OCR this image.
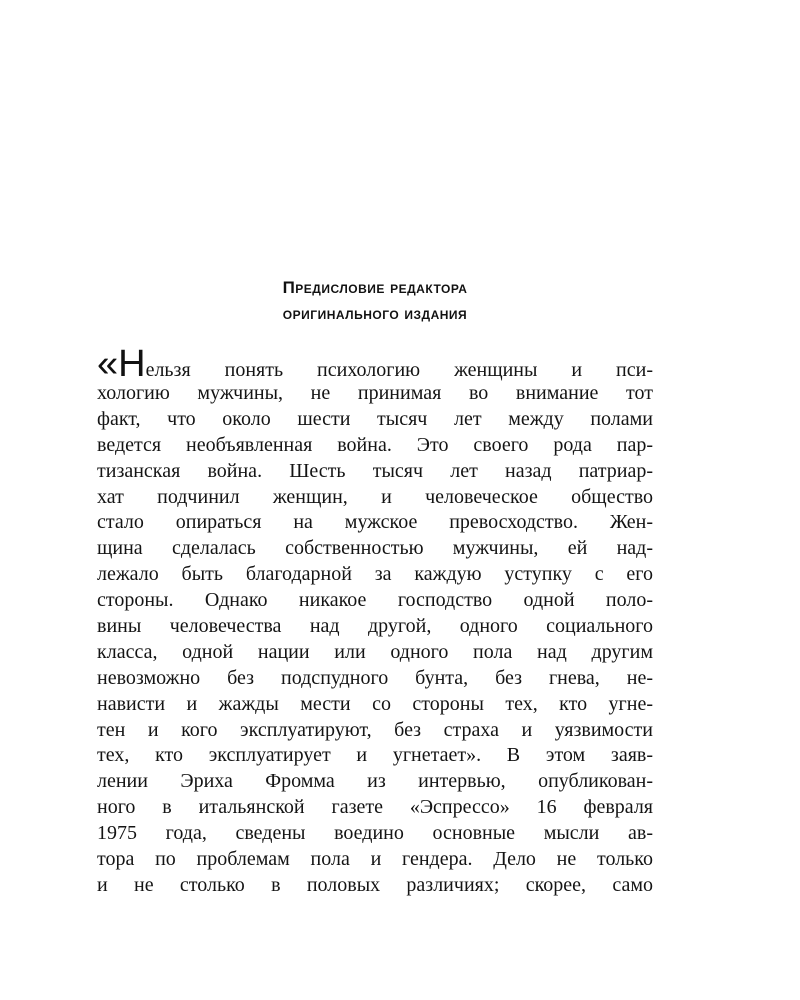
Предисловие редактора
оригинального издания
«Нельзя понять психологию женщины и пси-
хологию мужчины, не принимая во внимание тот
факт, что около шести тысяч лет между полами
ведется необъявленная война. Это своего рода пар-
тизанская война. Шесть тысяч лет назад патриар-
хат подчинил женщин, и человеческое общество
стало опираться на мужское превосходство. Жен-
щина сделалась собственностью мужчины, ей над-
лежало быть благодарной за каждую уступку с его
стороны. Однако никакое господство одной поло-
вины человечества над другой, одного социального
класса, одной нации или одного пола над другим
невозможно без подспудного бунта, без гнева, не-
нависти и жажды мести со стороны тех, кто угне-
тен и кого эксплуатируют, без страха и уязвимости
тех, кто эксплуатирует и угнетает». В этом заяв-
лении Эриха Фромма из интервью, опубликован-
ного в итальянской газете «Эспрессо» 16 февраля
1975 года, сведены воедино основные мысли ав-
тора по проблемам пола и гендера. Дело не только
и не столько в половых различиях; скорее, само
